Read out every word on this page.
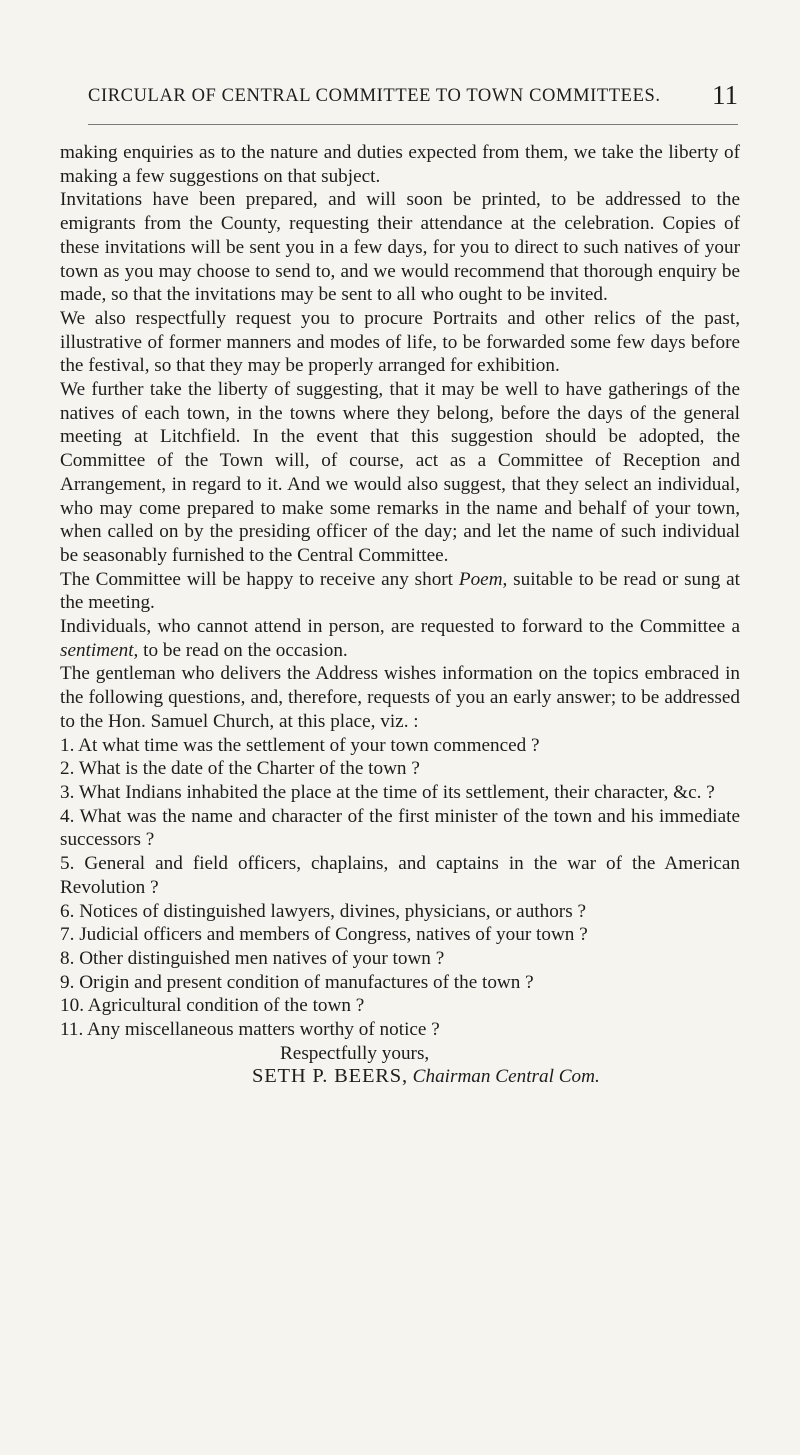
CIRCULAR OF CENTRAL COMMITTEE TO TOWN COMMITTEES. 11

making enquiries as to the nature and duties expected from them, we take the liberty of making a few suggestions on that subject.

Invitations have been prepared, and will soon be printed, to be addressed to the emigrants from the County, requesting their attendance at the celebration. Copies of these invitations will be sent you in a few days, for you to direct to such natives of your town as you may choose to send to, and we would recommend that thorough enquiry be made, so that the invitations may be sent to all who ought to be invited.

We also respectfully request you to procure Portraits and other relics of the past, illustrative of former manners and modes of life, to be forwarded some few days before the festival, so that they may be properly arranged for exhibition.

We further take the liberty of suggesting, that it may be well to have gatherings of the natives of each town, in the towns where they belong, before the days of the general meeting at Litchfield. In the event that this suggestion should be adopted, the Committee of the Town will, of course, act as a Committee of Reception and Arrangement, in regard to it. And we would also suggest, that they select an individual, who may come prepared to make some remarks in the name and behalf of your town, when called on by the presiding officer of the day; and let the name of such individual be seasonably furnished to the Central Committee.

The Committee will be happy to receive any short Poem, suitable to be read or sung at the meeting.

Individuals, who cannot attend in person, are requested to forward to the Committee a sentiment, to be read on the occasion.

The gentleman who delivers the Address wishes information on the topics embraced in the following questions, and, therefore, requests of you an early answer; to be addressed to the Hon. Samuel Church, at this place, viz. :

1. At what time was the settlement of your town commenced ?
2. What is the date of the Charter of the town ?
3. What Indians inhabited the place at the time of its settlement, their character, &c. ?
4. What was the name and character of the first minister of the town and his immediate successors ?
5. General and field officers, chaplains, and captains in the war of the American Revolution ?
6. Notices of distinguished lawyers, divines, physicians, or authors ?
7. Judicial officers and members of Congress, natives of your town ?
8. Other distinguished men natives of your town ?
9. Origin and present condition of manufactures of the town ?
10. Agricultural condition of the town ?
11. Any miscellaneous matters worthy of notice ?

Respectfully yours,

SETH P. BEERS, Chairman Central Com.
